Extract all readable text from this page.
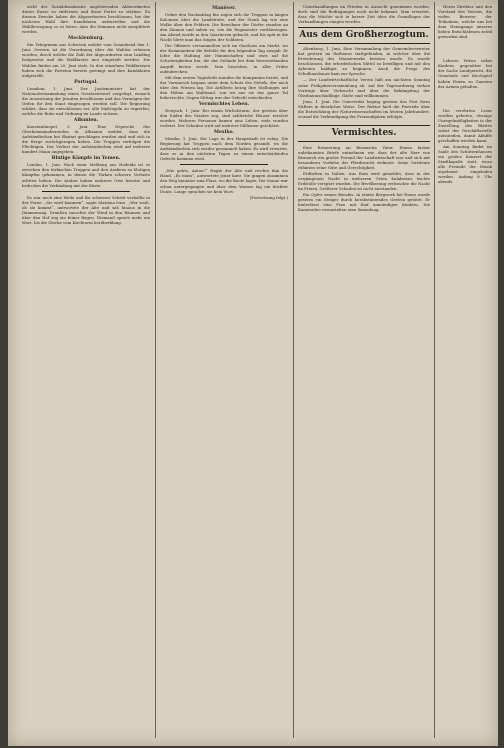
nicht der Sozialdemokratie angehörenden Abbeordneten dieser Kasse zu entfernen und diese Partei zu stärken. Zu diesem Zwecke haben die Abgeordneten beschlossen, bei der nächsten Wahl ihre Kandidaten aufzustellen und die Wahlbewegung so zu leiten, dass die Stimmen nicht zersplittert werden.

Mecklenburg.

Ein Telegramm aus Schwerin meldet vom Sonnabend den 1. Juni: Gestern ist die Verordnung über die Wahlen erlassen worden, durch welche die Zahl der Abgeordneten zum Landtag festgesetzt und die Wahlkreise neu eingeteilt werden. Die Wahlen finden am 20. Juni statt. In den einzelnen Wahlkreisen haben sich die Parteien bereits geeinigt und ihre Kandidaten aufgestellt.

Portugal.

Lissabon, 1. Juni. Der Justizminister hat der Nationalversammlung einen Gesetzentwurf vorgelegt, wonach die Ausweisung der Jesuiten beschlossen und das Vermögen der Orden für den Staat eingezogen werden soll. Die Regierung erklärt, dass sie entschlossen sei, alle Maßregeln zu ergreifen, welche die Ruhe und Ordnung im Lande sichern.

Albanien.

Konstantinopel, 1. Juni. Eine Depesche des Oberkommandierenden in Albanien meldet, dass die Aufständischen bei Skutari geschlagen worden sind und sich in die Berge zurückgezogen haben. Die Truppen verfolgen die Flüchtigen. Der Verlust der Aufständischen wird auf mehrere hundert Mann angegeben.

Blutige Kämpfe im Yemen.

London, 1. Juni. Nach einer Meldung aus Hodeida ist es zwischen den türkischen Truppen und den Arabern zu blutigen Kämpfen gekommen, in denen die Türken schwere Verluste erlitten haben. Die Araber haben mehrere Orte besetzt und bedrohen die Verbindung mit der Küste.

Es war noch eine Weile und ihr schwerer Schritt verhallte in der Ferne. „Sie wird kommen“, sagte Mariana leise. „Wer weiß, ob sie kommt“, antwortete der Alte und sah hinaus in die Dämmerung. Draußen rauschte der Wind in den Bäumen und über den Hof zog ein feiner Regen. Niemand sprach mehr ein Wort, bis die Glocke vom Kirchturm herüberklang.

Manöver.

Ueber den Nachmittag hin zogen sich die Truppen in langen Kolonnen über die Landstraße, und der Staub lag wie eine Wolke über den Feldern. Die Bewohner der Dörfer standen an den Zäunen und sahen zu, wie die Regimenter vorüberzogen. Am Abend wurde in den Quartieren gekocht, und bis spät in die Nacht hörte man das Singen der Soldaten.

Die Offiziere versammelten sich im Gasthaus am Markt, wo der Kommandeur die Befehle für den folgenden Tag ausgab. Er lobte die Haltung der Mannschaften und wies auf die Schwierigkeiten hin, die das Gelände bei dem bevorstehenden Angriff bieten werde. Man beschloss, in aller Frühe aufzubrechen.

Mit dem ersten Tageslicht standen die Kompanien bereit, und der Vormarsch begann unter dem Schutz des Nebels, der noch über den Wiesen lag. Die Artillerie bezog ihre Stellungen auf den Höhen am Waldrand, von wo aus sie das ganze Tal beherrschte. Gegen Mittag war das Gefecht entschieden.

Vermischtes Leben.

Neuyork, 1. Juni. Bei einem Wirbelsturm, der gestern über den Süden des Staates zog, sind zahlreiche Häuser zerstört worden. Mehrere Personen kamen ums Leben, viele wurden verletzt. Der Schaden wird auf mehrere Millionen geschätzt.

Mexiko.

Mexiko, 1. Juni. Die Lage in der Hauptstadt ist ruhig. Die Regierung hat Truppen nach dem Norden gesandt, wo die Aufständischen sich wieder gesammelt haben. Es wird erwartet, dass es in den nächsten Tagen zu einem entscheidenden Gefecht kommen wird.

„Wie gehts, Anton?“ fragte der Alte und reichte ihm die Hand. „Es muss“, antwortete jener kurz. Sie gingen zusammen den Weg hinunter zum Fluss, wo die Boote lagen. Die Sonne war schon untergegangen und über dem Wasser lag ein leichter Dunst. Lange sprachen sie kein Wort.

(Fortsetzung folgt.)

Unterhandlungen im Frieden in Aussicht genommen worden, doch sind die Bedingungen noch nicht bekannt. Man erwartet, dass die Mächte sich in kurzer Zeit über die Grundlagen der Verhandlungen einigen werden.

Aus dem Großherzogtum.

Altenburg, 1. Juni. Eine Versammlung der Gemeindevertreter hat gestern im Rathause stattgefunden, in welcher über die Erweiterung des Wasserwerks beraten wurde. Es wurde beschlossen, die erforderlichen Mittel zu bewilligen und mit den Arbeiten baldigst zu beginnen. Auch die Frage des Schulhausbaues kam zur Sprache.

— Der Landwirtschaftliche Verein hält am nächsten Sonntag seine Frühjahrsversammlung ab. Auf der Tagesordnung stehen Vorträge über Viehzucht und über die Bekämpfung der Obstbaumschädlinge. Gäste sind willkommen.

Jena, 1. Juni. Die Universität beging gestern das Fest ihres Stifters in feierlicher Weise. Der Rektor hielt die Festrede über die Entwicklung der Naturwissenschaften im letzten Jahrhundert, worauf die Verkündigung der Preisaufgaben erfolgte.

Vermischtes.

Eine Erinnerung an Bismarcks Vater. Einem bisher unbekannten Briefe entnehmen wir, dass der alte Herr von Bismarck ein großer Freund der Landwirtschaft war und sich mit besonderer Vorliebe der Pferdezucht widmete. Seine Gutsleute rühmten seine Güte und Gerechtigkeit.

Erdbeben in Italien. Aus Rom wird gemeldet, dass in der vergangenen Nacht in mehreren Orten Kalabriens leichte Erdstöße verspürt wurden. Die Bevölkerung verbrachte die Nacht im Freien. Größerer Schaden ist nicht entstanden.

Ein Opfer seines Berufes. In einem Bergwerk bei Essen wurde gestern ein Steiger durch herabstürzendes Gestein getötet. Er hinterlässt eine Frau mit fünf unmündigen Kindern. Die Kameraden veranstalten eine Sammlung.

Herrn Direktor und den Vorstand des Vereins, die vielen Beweise der Teilnahme, welche uns bei dem Heimgange unseres lieben Entschlafenen zuteil geworden sind.

Lehrers Witwe nebst Kindern, gegenüber bei der Sache Landgericht, die Gemeinde und Kirchspiel haben Feiern zu Gunsten der Armen gehalten.

Die verehrten Leser werden gebeten, etwaige Unregelmäßigkeiten in der Zustellung des Blattes sofort der Geschäftsstelle mitzuteilen, damit Abhilfe geschaffen werden kann.

Am Sonntag findet im Saale des Schützenhauses ein großes Konzert der Stadtkapelle statt, wozu alle Freunde der Musik ergebenst eingeladen werden. Anfang 8 Uhr abends.
